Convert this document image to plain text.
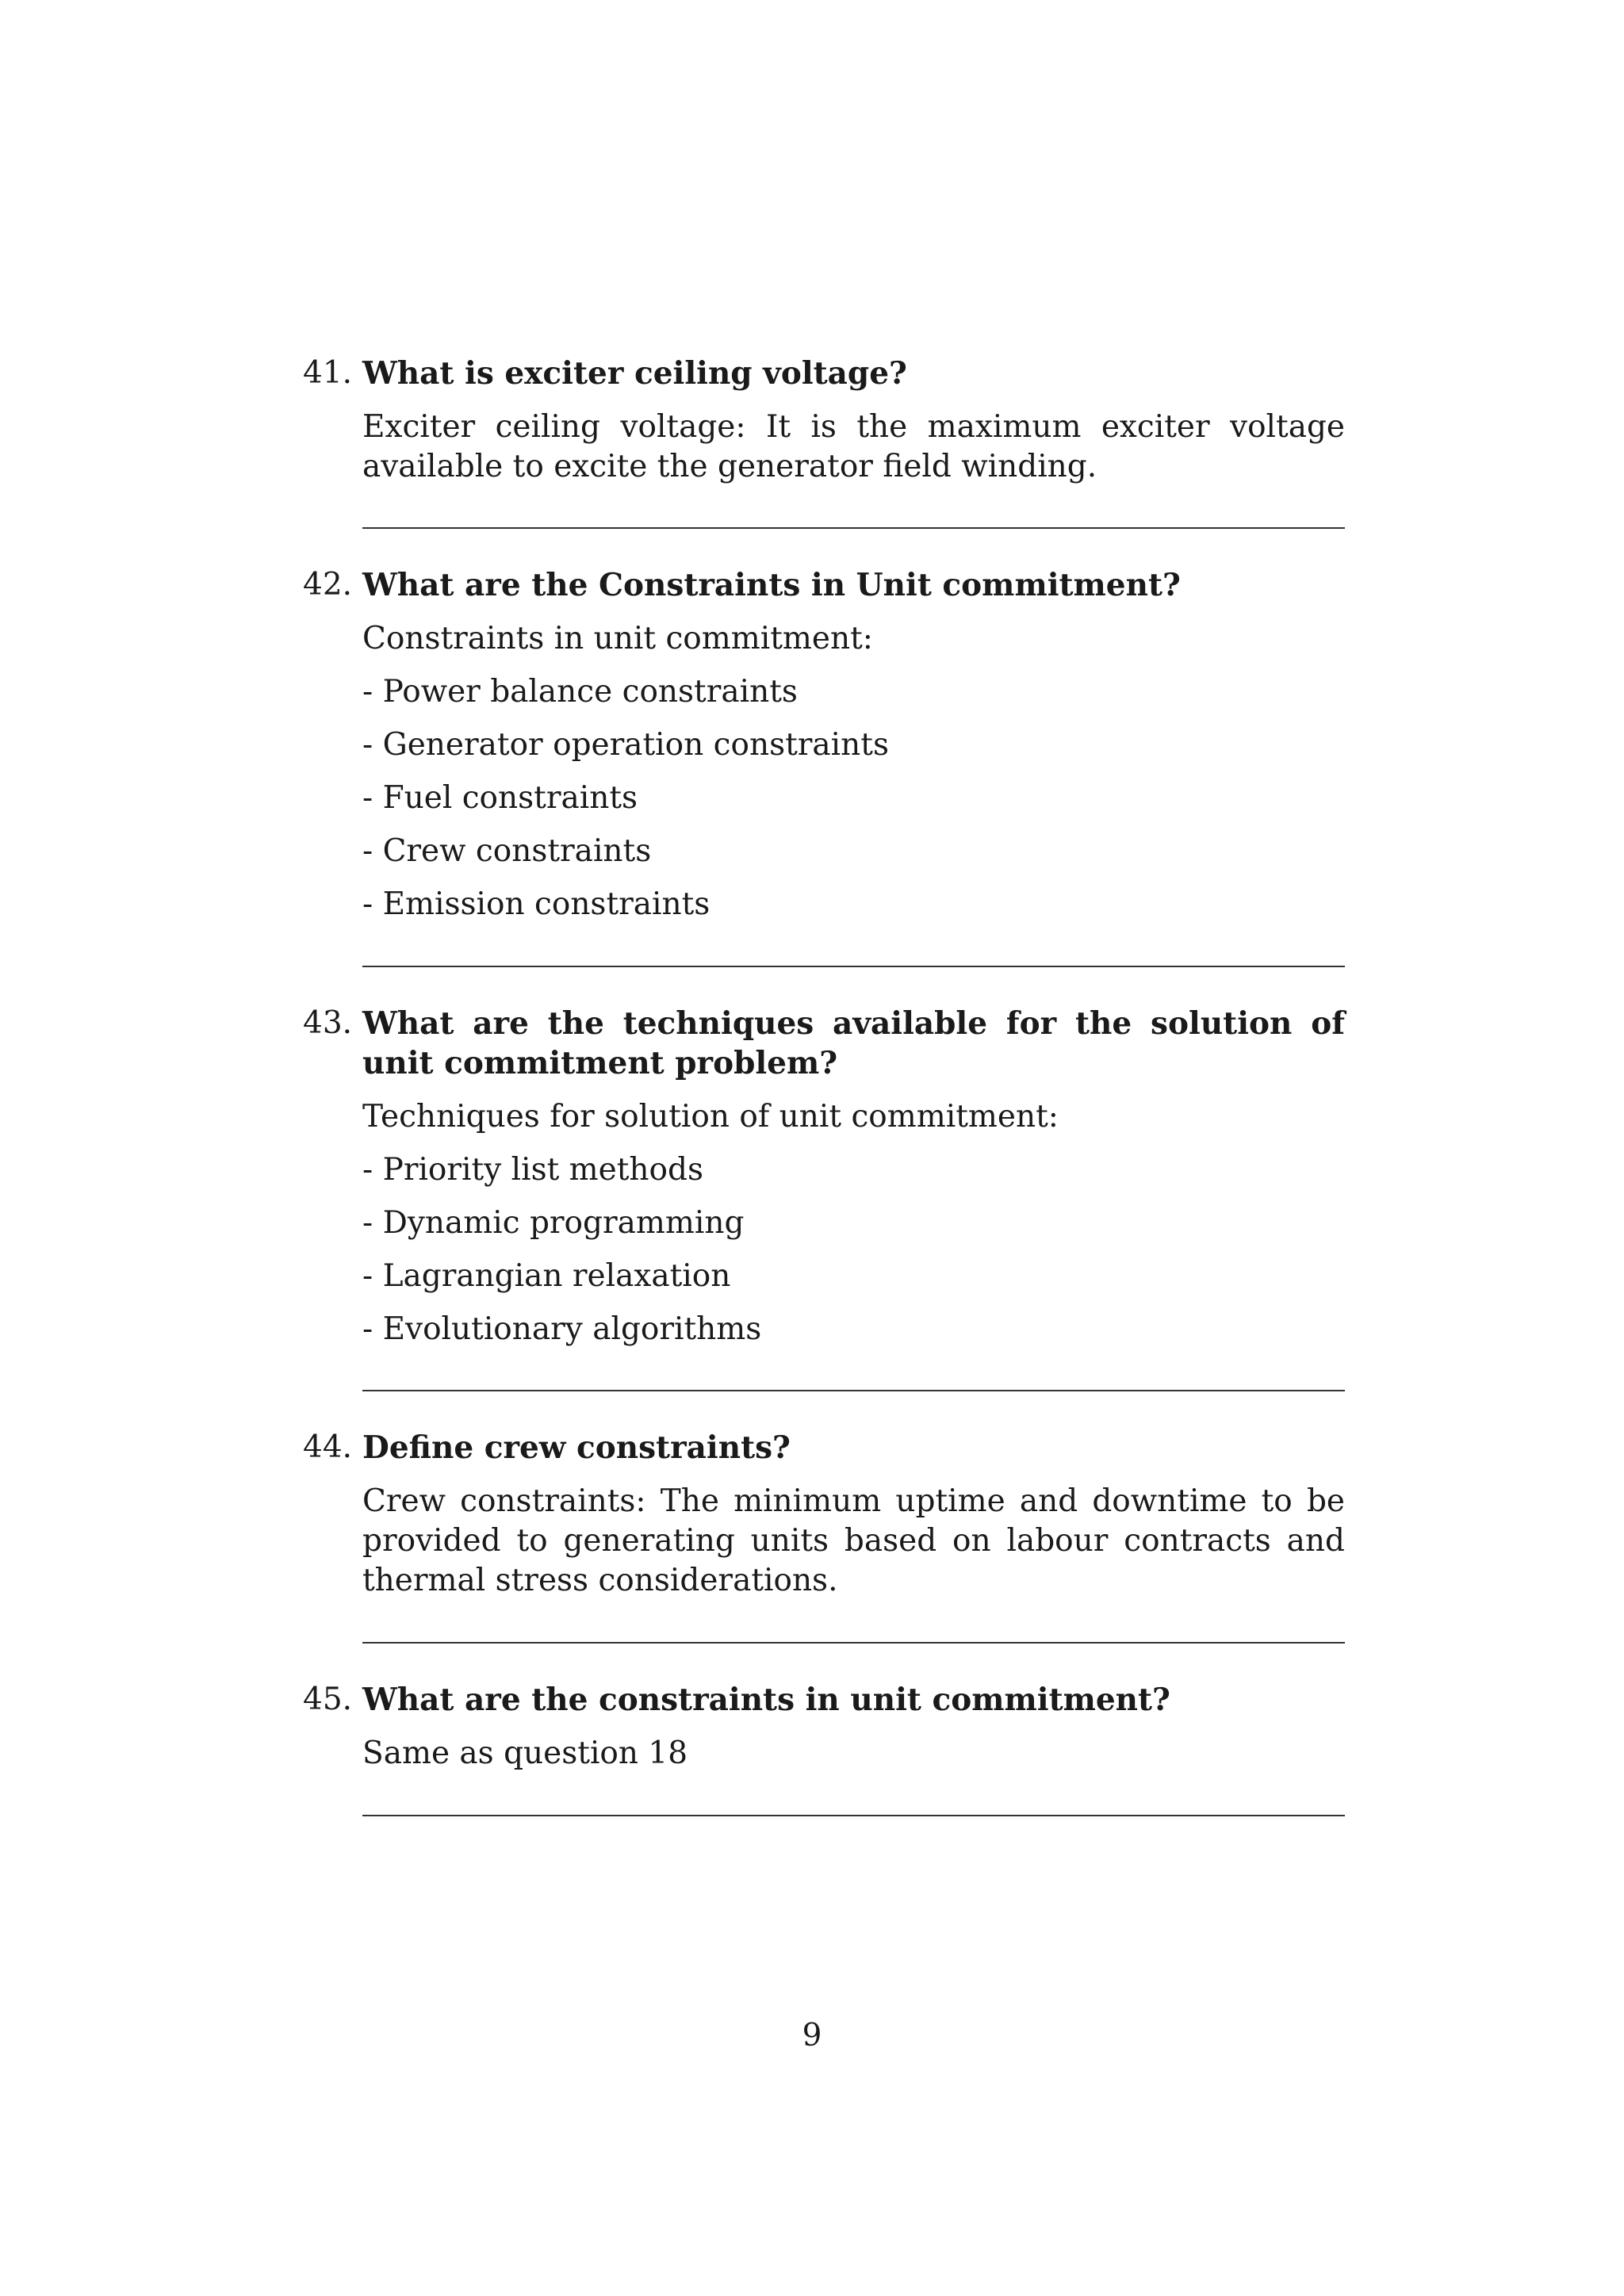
41. What is exciter ceiling voltage?
Exciter ceiling voltage: It is the maximum exciter voltage available to excite the generator field winding.
42. What are the Constraints in Unit commitment?
Constraints in unit commitment:
- Power balance constraints
- Generator operation constraints
- Fuel constraints
- Crew constraints
- Emission constraints
43. What are the techniques available for the solution of unit commitment problem?
Techniques for solution of unit commitment:
- Priority list methods
- Dynamic programming
- Lagrangian relaxation
- Evolutionary algorithms
44. Define crew constraints?
Crew constraints: The minimum uptime and downtime to be provided to generating units based on labour contracts and thermal stress considerations.
45. What are the constraints in unit commitment?
Same as question 18
9
